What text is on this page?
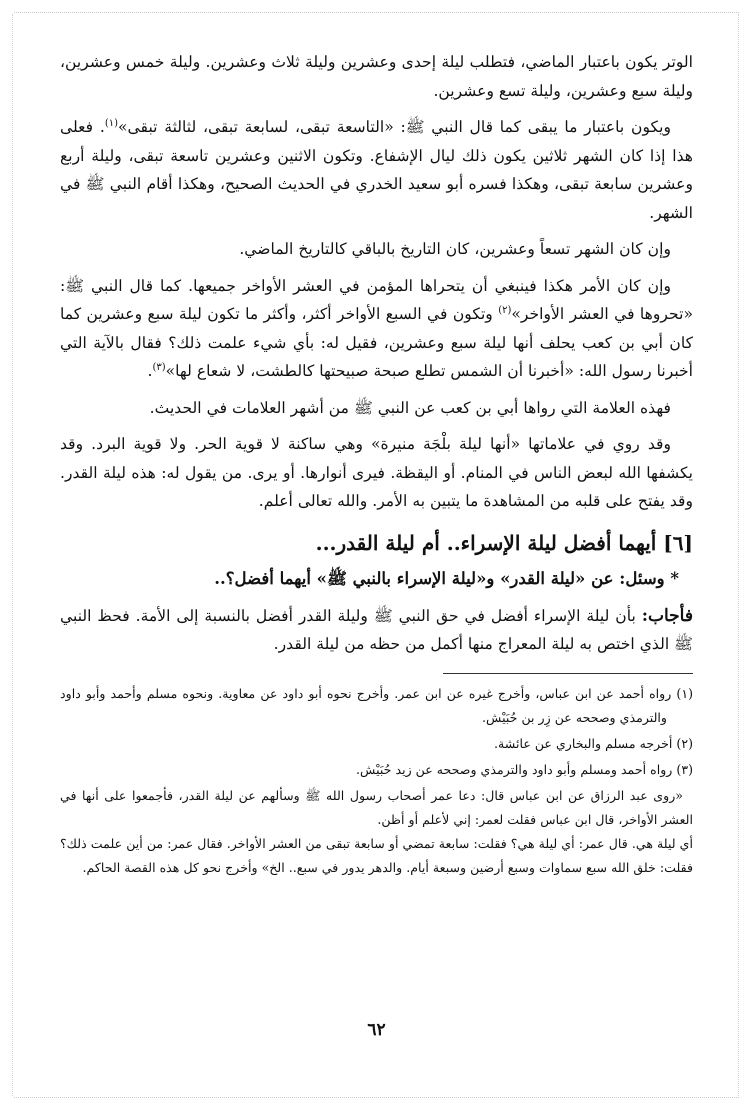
الوتر يكون باعتبار الماضي، فتطلب ليلة إحدى وعشرين وليلة ثلاث وعشرين. وليلة خمس وعشرين، وليلة سبع وعشرين، وليلة تسع وعشرين.

ويكون باعتبار ما يبقى كما قال النبي ﷺ: «التاسعة تبقى، لسابعة تبقى، لثالثة تبقى»$^{(١)}$. فعلى هذا إذا كان الشهر ثلاثين يكون ذلك ليال الإشفاع. وتكون الاثنين وعشرين تاسعة تبقى، وليلة أربع وعشرين سابعة تبقى، وهكذا فسره أبو سعيد الخدري في الحديث الصحيح، وهكذا أقام النبي ﷺ في الشهر.

وإن كان الشهر تسعاً وعشرين، كان التاريخ بالباقي كالتاريخ الماضي.

وإن كان الأمر هكذا فينبغي أن يتحراها المؤمن في العشر الأواخر جميعها. كما قال النبي ﷺ: «تحروها في العشر الأواخر»$^{(٢)}$ وتكون في السبع الأواخر أكثر، وأكثر ما تكون ليلة سبع وعشرين كما كان أبي بن كعب يحلف أنها ليلة سبع وعشرين، فقيل له: بأي شيء علمت ذلك؟ فقال بالآية التي أخبرنا رسول الله: «أخبرنا أن الشمس تطلع صبحة صبيحتها كالطشت، لا شعاع لها»$^{(٣)}$.

فهذه العلامة التي رواها أبي بن كعب عن النبي ﷺ من أشهر العلامات في الحديث.

وقد روي في علاماتها «أنها ليلة بلْجَة منيرة» وهي ساكنة لا قوية الحر. ولا قوية البرد. وقد يكشفها الله لبعض الناس في المنام. أو اليقظة. فيرى أنوارها. أو يرى. من يقول له: هذه ليلة القدر. وقد يفتح على قلبه من المشاهدة ما يتبين به الأمر. والله تعالى أعلم.

[٦] أيهما أفضل ليلة الإسراء.. أم ليلة القدر...
* وسئل: عن «ليلة القدر» و«ليلة الإسراء بالنبي ﷺ» أيهما أفضل؟..

فأجاب: بأن ليلة الإسراء أفضل في حق النبي ﷺ وليلة القدر أفضل بالنسبة إلى الأمة. فحظ النبي ﷺ الذي اختص به ليلة المعراج منها أكمل من حظه من ليلة القدر.

(١) رواه أحمد عن ابن عباس، وأخرج غيره عن ابن عمر. وأخرج نحوه أبو داود عن معاوية. ونحوه مسلم وأحمد وأبو داود والترمذي وصححه عن زِر بن حُبَيْش.

(٢) أخرجه مسلم والبخاري عن عائشة.

(٣) رواه أحمد ومسلم وأبو داود والترمذي وصححه عن زيد حُبَيْش.

«روى عبد الرزاق عن ابن عباس قال: دعا عمر أصحاب رسول الله ﷺ وسألهم عن ليلة القدر، فأجمعوا على أنها في العشر الأواخر، قال ابن عباس فقلت لعمر: إني لأعلم أو أظن.

أي ليلة هي. قال عمر: أي ليلة هي؟ فقلت: سابعة تمضي أو سابعة تبقى من العشر الأواخر. فقال عمر: من أين علمت ذلك؟ فقلت: خلق الله سبع سماوات وسبع أرضين وسبعة أيام. والدهر يدور في سبع.. الخ» وأخرج نحو كل هذه القصة الحاكم.

٦٢
